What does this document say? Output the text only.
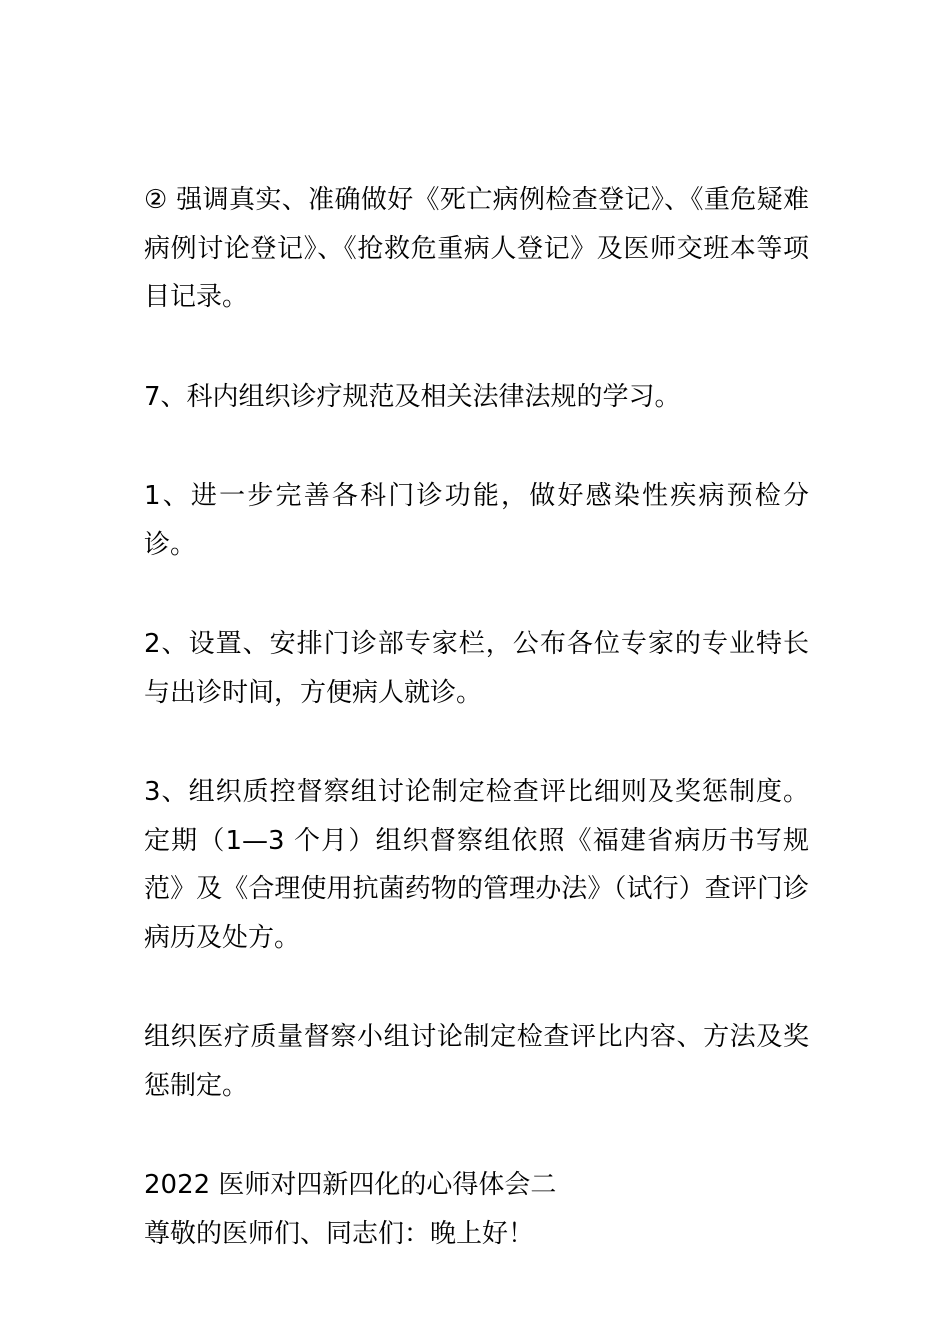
② 强调真实、准确做好《死亡病例检查登记》、《重危疑难病例讨论登记》、《抢救危重病人登记》及医师交班本等项目记录。

7、科内组织诊疗规范及相关法律法规的学习。

1、进一步完善各科门诊功能，做好感染性疾病预检分诊。

2、设置、安排门诊部专家栏，公布各位专家的专业特长与出诊时间，方便病人就诊。

3、组织质控督察组讨论制定检查评比细则及奖惩制度。定期（1—3 个月）组织督察组依照《福建省病历书写规范》及《合理使用抗菌药物的管理办法》（试行）查评门诊病历及处方。

组织医疗质量督察小组讨论制定检查评比内容、方法及奖惩制定。

2022 医师对四新四化的心得体会二

尊敬的医师们、同志们：晚上好！
